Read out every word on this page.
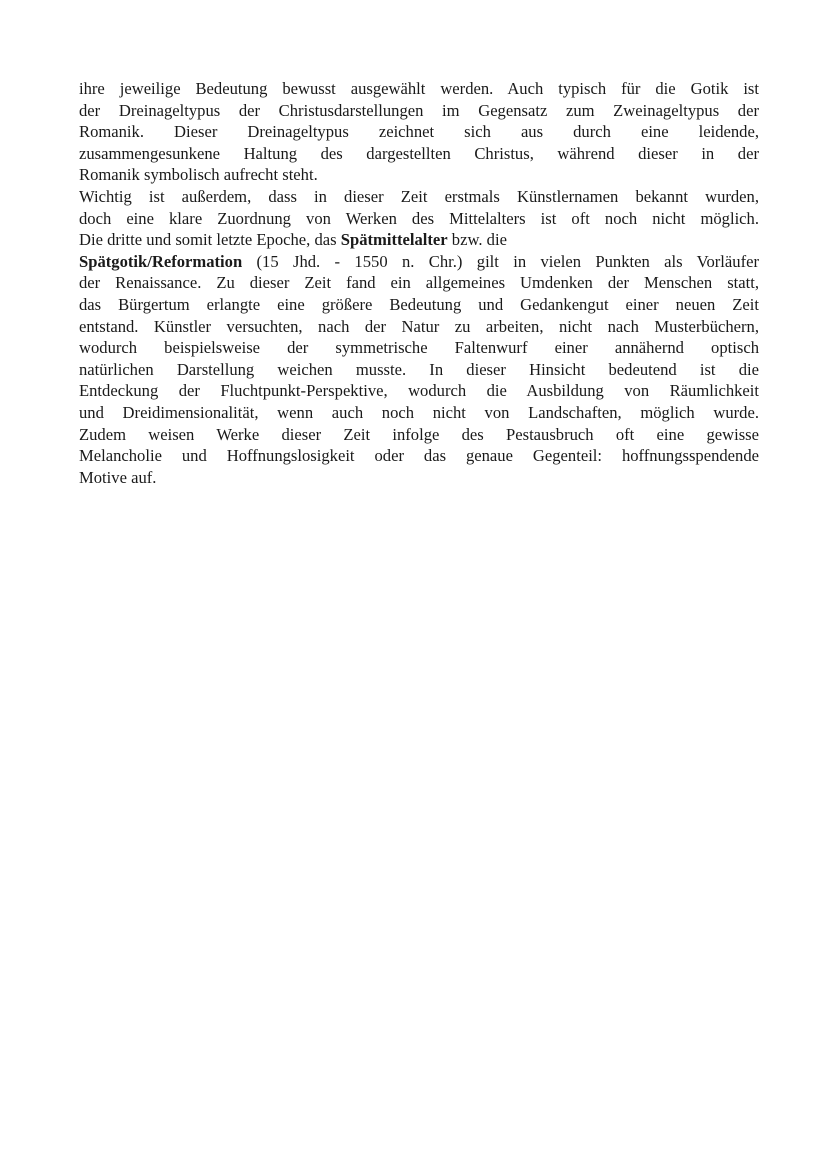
ihre jeweilige Bedeutung bewusst ausgewählt werden. Auch typisch für die Gotik ist
der Dreinageltypus der Christusdarstellungen im Gegensatz zum Zweinageltypus der
Romanik. Dieser Dreinageltypus zeichnet sich aus durch eine leidende,
zusammengesunkene Haltung des dargestellten Christus, während dieser in der
Romanik symbolisch aufrecht steht.
Wichtig ist außerdem, dass in dieser Zeit erstmals Künstlernamen bekannt wurden,
doch eine klare Zuordnung von Werken des Mittelalters ist oft noch nicht möglich.
Die dritte und somit letzte Epoche, das Spätmittelalter bzw. die
Spätgotik/Reformation (15 Jhd. - 1550 n. Chr.) gilt in vielen Punkten als Vorläufer
der Renaissance. Zu dieser Zeit fand ein allgemeines Umdenken der Menschen statt,
das Bürgertum erlangte eine größere Bedeutung und Gedankengut einer neuen Zeit
entstand. Künstler versuchten, nach der Natur zu arbeiten, nicht nach Musterbüchern,
wodurch beispielsweise der symmetrische Faltenwurf einer annähernd optisch
natürlichen Darstellung weichen musste. In dieser Hinsicht bedeutend ist die
Entdeckung der Fluchtpunkt-Perspektive, wodurch die Ausbildung von Räumlichkeit
und Dreidimensionalität, wenn auch noch nicht von Landschaften, möglich wurde.
Zudem weisen Werke dieser Zeit infolge des Pestausbruch oft eine gewisse
Melancholie und Hoffnungslosigkeit oder das genaue Gegenteil: hoffnungsspendende
Motive auf.
